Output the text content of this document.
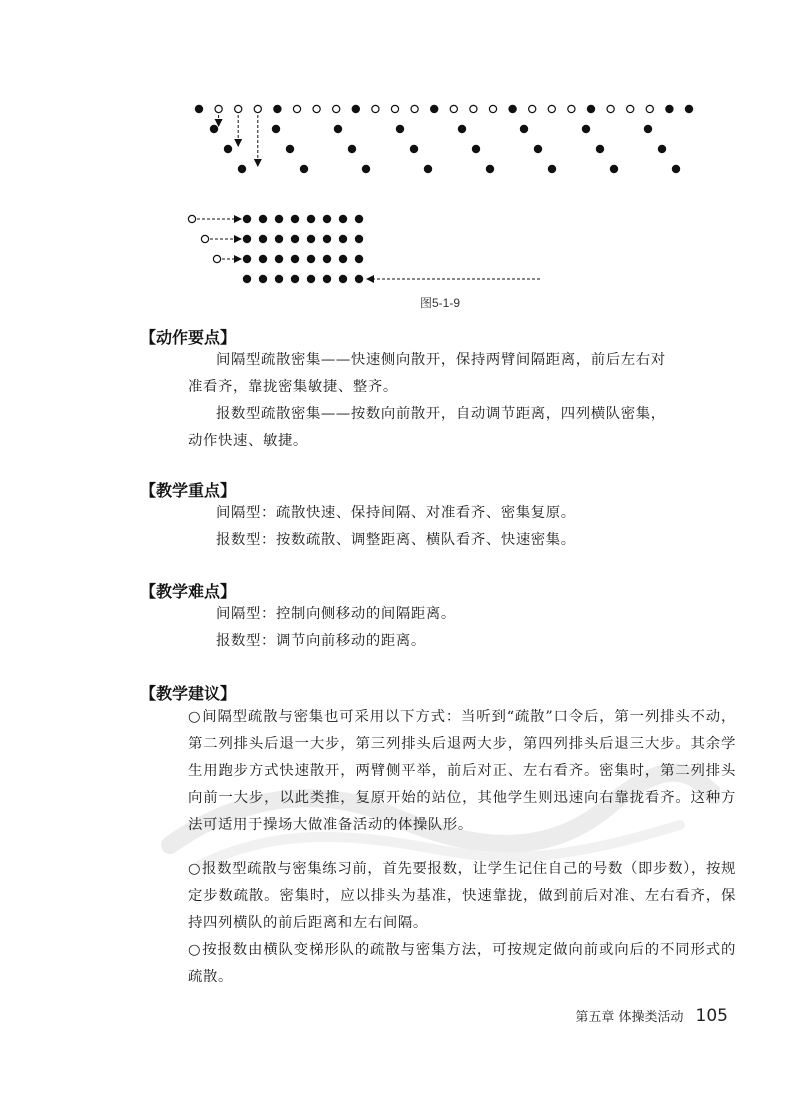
图5-1-9
【动作要点】
间隔型疏散密集——快速侧向散开，保持两臂间隔距离，前后左右对
准看齐，靠拢密集敏捷、整齐。
报数型疏散密集——按数向前散开，自动调节距离，四列横队密集，
动作快速、敏捷。
【教学重点】
间隔型：疏散快速、保持间隔、对准看齐、密集复原。
报数型：按数疏散、调整距离、横队看齐、快速密集。
【教学难点】
间隔型：控制向侧移动的间隔距离。
报数型：调节向前移动的距离。
【教学建议】
○间隔型疏散与密集也可采用以下方式：当听到“疏散”口令后，第一列排头不动，第二列排头后退一大步，第三列排头后退两大步，第四列排头后退三大步。其余学生用跑步方式快速散开，两臂侧平举，前后对正、左右看齐。密集时，第二列排头向前一大步，以此类推，复原开始的站位，其他学生则迅速向右靠拢看齐。这种方法可适用于操场大做准备活动的体操队形。
○报数型疏散与密集练习前，首先要报数，让学生记住自己的号数（即步数），按规定步数疏散。密集时，应以排头为基准，快速靠拢，做到前后对准、左右看齐，保持四列横队的前后距离和左右间隔。
○按报数由横队变梯形队的疏散与密集方法，可按规定做向前或向后的不同形式的疏散。
第五章 体操类活动 105
